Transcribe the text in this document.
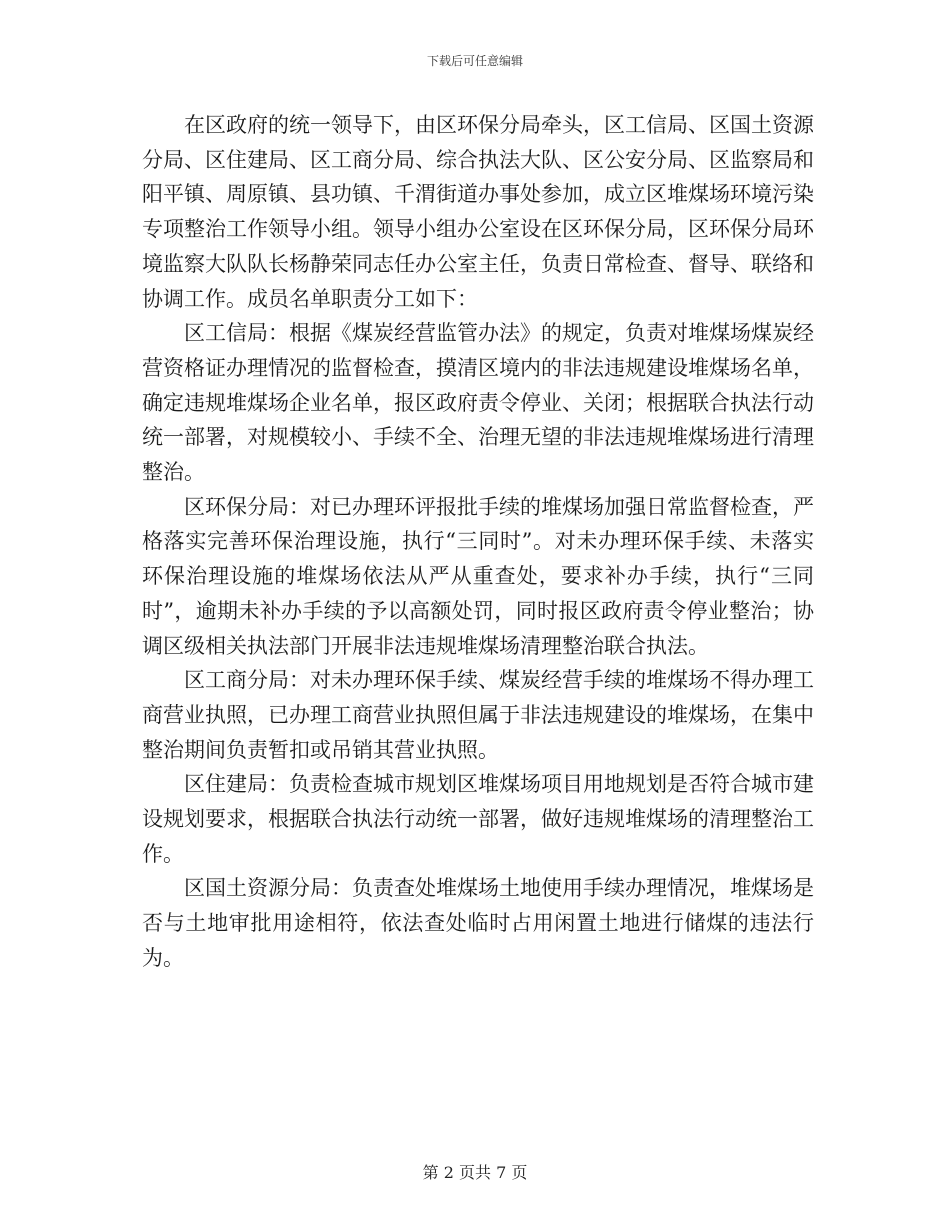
下载后可任意编辑

在区政府的统一领导下，由区环保分局牵头，区工信局、区国土资源分局、区住建局、区工商分局、综合执法大队、区公安分局、区监察局和阳平镇、周原镇、县功镇、千渭街道办事处参加，成立区堆煤场环境污染专项整治工作领导小组。领导小组办公室设在区环保分局，区环保分局环境监察大队队长杨静荣同志任办公室主任，负责日常检查、督导、联络和协调工作。成员名单职责分工如下：

区工信局：根据《煤炭经营监管办法》的规定，负责对堆煤场煤炭经营资格证办理情况的监督检查，摸清区境内的非法违规建设堆煤场名单，确定违规堆煤场企业名单，报区政府责令停业、关闭；根据联合执法行动统一部署，对规模较小、手续不全、治理无望的非法违规堆煤场进行清理整治。

区环保分局：对已办理环评报批手续的堆煤场加强日常监督检查，严格落实完善环保治理设施，执行“三同时”。对未办理环保手续、未落实环保治理设施的堆煤场依法从严从重查处，要求补办手续，执行“三同时”，逾期未补办手续的予以高额处罚，同时报区政府责令停业整治；协调区级相关执法部门开展非法违规堆煤场清理整治联合执法。

区工商分局：对未办理环保手续、煤炭经营手续的堆煤场不得办理工商营业执照，已办理工商营业执照但属于非法违规建设的堆煤场，在集中整治期间负责暂扣或吊销其营业执照。

区住建局：负责检查城市规划区堆煤场项目用地规划是否符合城市建设规划要求，根据联合执法行动统一部署，做好违规堆煤场的清理整治工作。

区国土资源分局：负责查处堆煤场土地使用手续办理情况，堆煤场是否与土地审批用途相符，依法查处临时占用闲置土地进行储煤的违法行为。

第 2 页共 7 页
